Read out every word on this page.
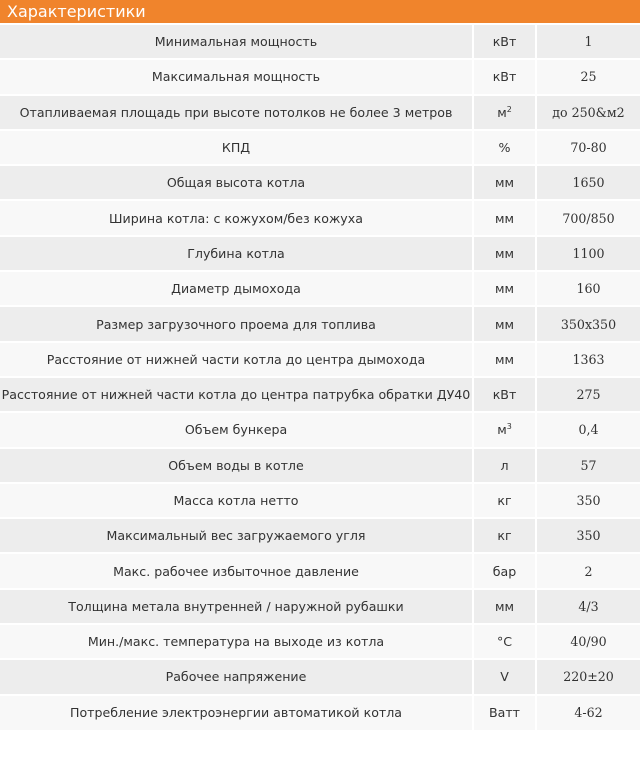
Характеристики
Минимальная мощность	кВт	1
Максимальная мощность	кВт	25
Отапливаемая площадь при высоте потолков не более 3 метров	$м^2$	до 250&м2
КПД	%	70-80
Общая высота котла	мм	1650
Ширина котла: с кожухом/без кожуха	мм	700/850
Глубина котла	мм	1100
Диаметр дымохода	мм	160
Размер загрузочного проема для топлива	мм	350x350
Расстояние от нижней части котла до центра дымохода	мм	1363
Расстояние от нижней части котла до центра патрубка обратки ДУ40	кВт	275
Объем бункера	$м^3$	0,4
Объем воды в котле	л	57
Масса котла нетто	кг	350
Максимальный вес загружаемого угля	кг	350
Макс. рабочее избыточное давление	бар	2
Толщина метала внутренней / наружной рубашки	мм	4/3
Мин./макс. температура на выходе из котла	°C	40/90
Рабочее напряжение	V	220±20
Потребление электроэнергии автоматикой котла	Ватт	4-62
